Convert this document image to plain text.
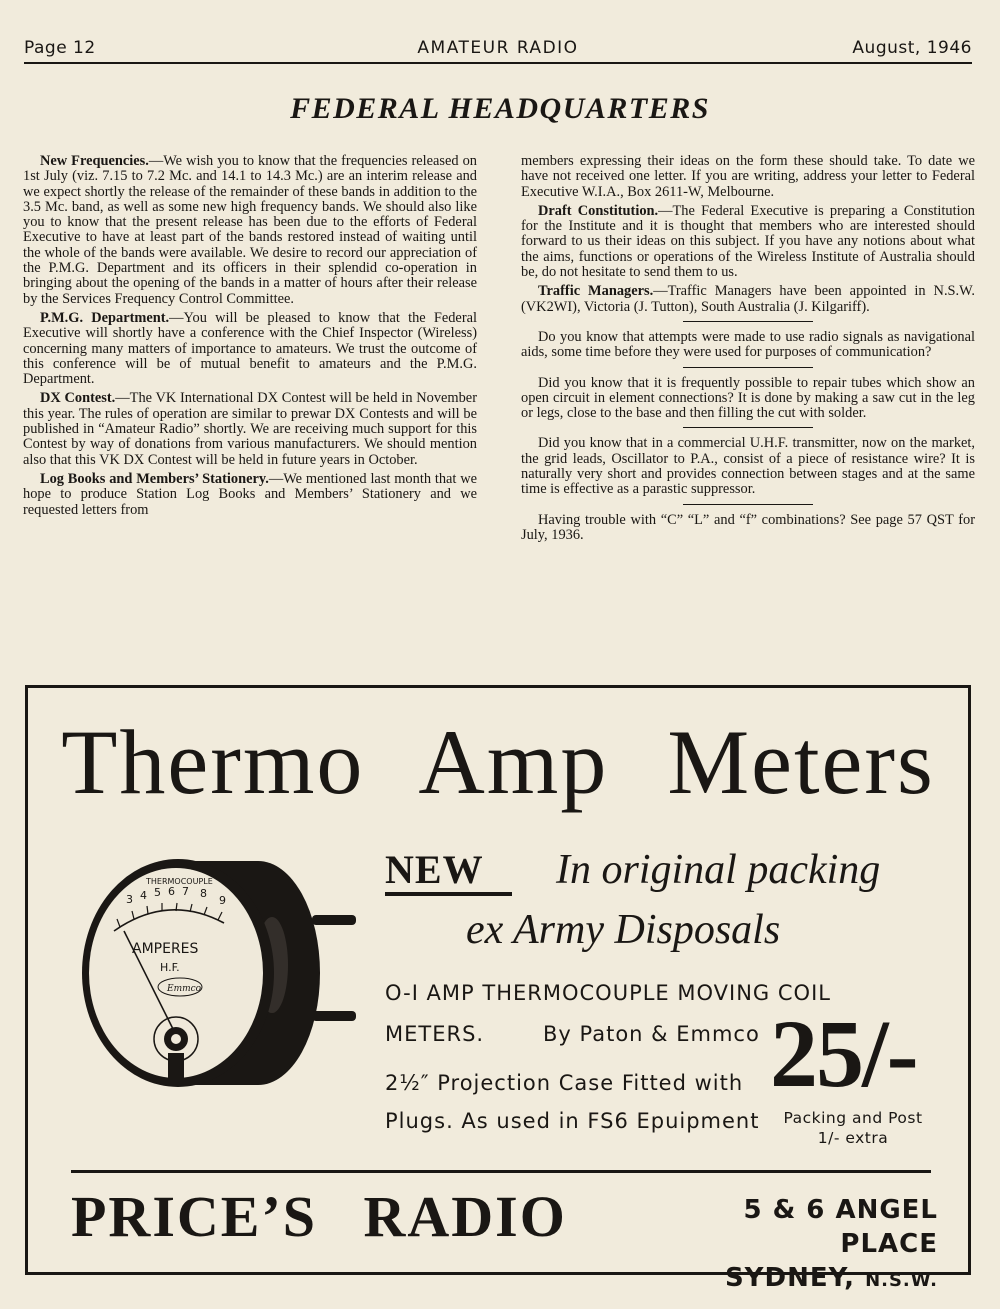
Page 12	AMATEUR RADIO	August, 1946
FEDERAL HEADQUARTERS

New Frequencies.—We wish you to know that the frequencies released on 1st July (viz. 7.15 to 7.2 Mc. and 14.1 to 14.3 Mc.) are an interim release and we expect shortly the release of the remainder of these bands in addition to the 3.5 Mc. band, as well as some new high frequency bands. We should also like you to know that the present release has been due to the efforts of Federal Executive to have at least part of the bands restored instead of waiting until the whole of the bands were available. We desire to record our appreciation of the P.M.G. Department and its officers in their splendid co-operation in bringing about the opening of the bands in a matter of hours after their release by the Services Frequency Control Committee.

P.M.G. Department.—You will be pleased to know that the Federal Executive will shortly have a conference with the Chief Inspector (Wireless) concerning many matters of importance to amateurs. We trust the outcome of this conference will be of mutual benefit to amateurs and the P.M.G. Department.

DX Contest.—The VK International DX Contest will be held in November this year. The rules of operation are similar to prewar DX Contests and will be published in “Amateur Radio” shortly. We are receiving much support for this Contest by way of donations from various manufacturers. We should mention also that this VK DX Contest will be held in future years in October.

Log Books and Members’ Stationery.—We mentioned last month that we hope to produce Station Log Books and Members’ Stationery and we requested letters from

members expressing their ideas on the form these should take. To date we have not received one letter. If you are writing, address your letter to Federal Executive W.I.A., Box 2611-W, Melbourne.

Draft Constitution.—The Federal Executive is preparing a Constitution for the Institute and it is thought that members who are interested should forward to us their ideas on this subject. If you have any notions about what the aims, functions or operations of the Wireless Institute of Australia should be, do not hesitate to send them to us.

Traffic Managers.—Traffic Managers have been appointed in N.S.W. (VK2WI), Victoria (J. Tutton), South Australia (J. Kilgariff).

Do you know that attempts were made to use radio signals as navigational aids, some time before they were used for purposes of communication?

Did you know that it is frequently possible to repair tubes which show an open circuit in element connections? It is done by making a saw cut in the leg or legs, close to the base and then filling the cut with solder.

Did you know that in a commercial U.H.F. transmitter, now on the market, the grid leads, Oscillator to P.A., consist of a piece of resistance wire? It is naturally very short and provides connection between stages and at the same time is effective as a parastic suppressor.

Having trouble with “C” “L” and “f” combinations? See page 57 QST for July, 1936.

Thermo Amp Meters
THERMOCOUPLE
3 4 5 6 7 8
9
AMPERES
H.F.
Emmco
NEW In original packing
ex Army Disposals
O-I AMP THERMOCOUPLE MOVING COIL
METERS.	By Paton & Emmco
2½″ Projection Case Fitted with
Plugs. As used in FS6 Epuipment
25/-
Packing and Post
1/- extra
PRICE’S RADIO	5 & 6 ANGEL PLACE
SYDNEY, N.S.W.
